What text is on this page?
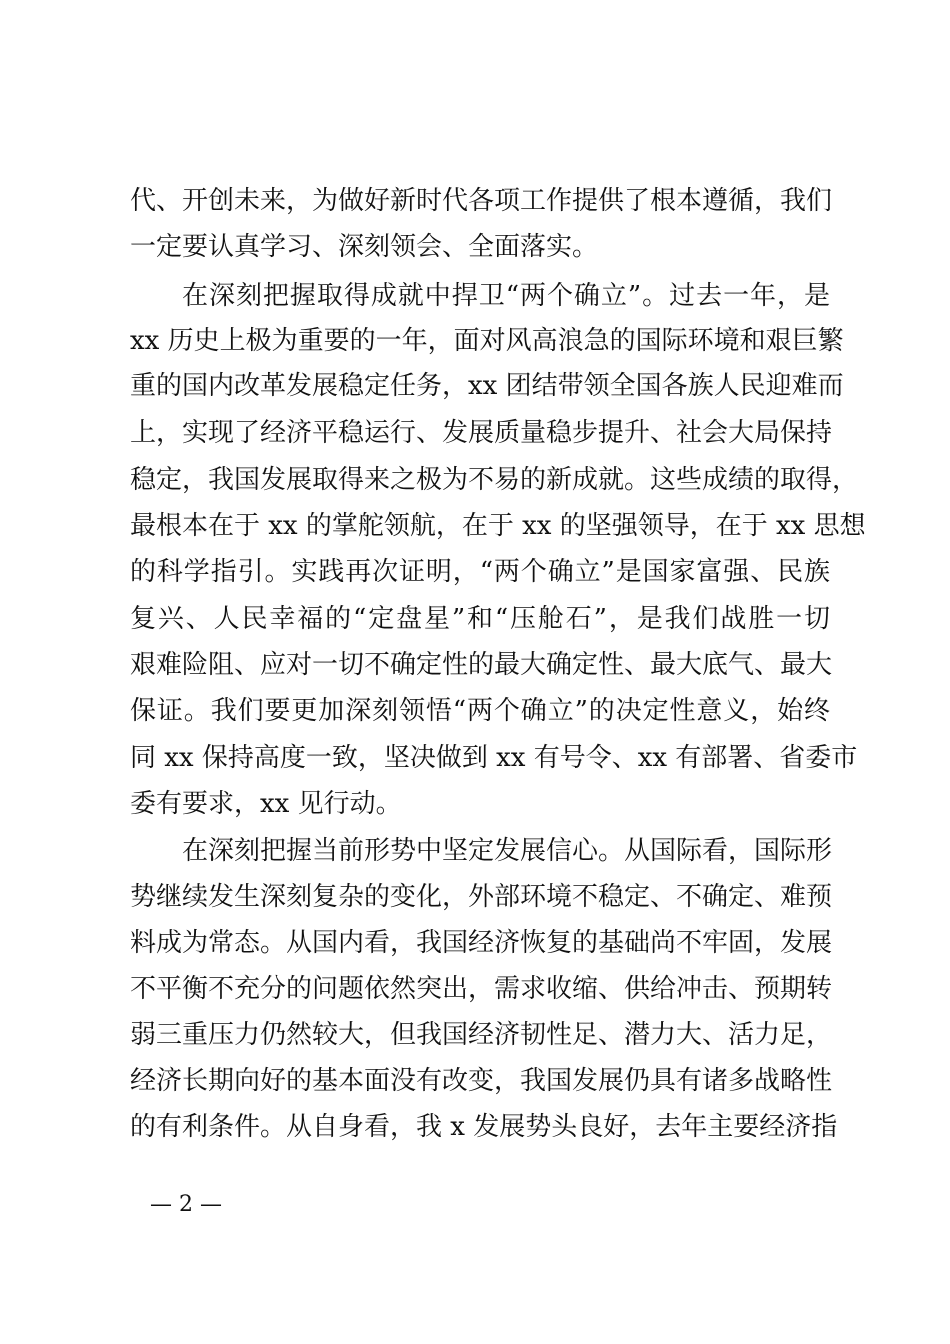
代、开创未来，为做好新时代各项工作提供了根本遵循，我们
一定要认真学习、深刻领会、全面落实。
在深刻把握取得成就中捍卫“两个确立”。过去一年，是
xx 历史上极为重要的一年，面对风高浪急的国际环境和艰巨繁
重的国内改革发展稳定任务，xx 团结带领全国各族人民迎难而
上，实现了经济平稳运行、发展质量稳步提升、社会大局保持
稳定，我国发展取得来之极为不易的新成就。这些成绩的取得，
最根本在于 xx 的掌舵领航，在于 xx 的坚强领导，在于 xx 思想
的科学指引。实践再次证明，“两个确立”是国家富强、民族
复兴、人民幸福的“定盘星”和“压舱石”，是我们战胜一切
艰难险阻、应对一切不确定性的最大确定性、最大底气、最大
保证。我们要更加深刻领悟“两个确立”的决定性意义，始终
同 xx 保持高度一致，坚决做到 xx 有号令、xx 有部署、省委市
委有要求，xx 见行动。
在深刻把握当前形势中坚定发展信心。从国际看，国际形
势继续发生深刻复杂的变化，外部环境不稳定、不确定、难预
料成为常态。从国内看，我国经济恢复的基础尚不牢固，发展
不平衡不充分的问题依然突出，需求收缩、供给冲击、预期转
弱三重压力仍然较大，但我国经济韧性足、潜力大、活力足，
经济长期向好的基本面没有改变，我国发展仍具有诸多战略性
的有利条件。从自身看，我 x 发展势头良好，去年主要经济指
— 2 —
